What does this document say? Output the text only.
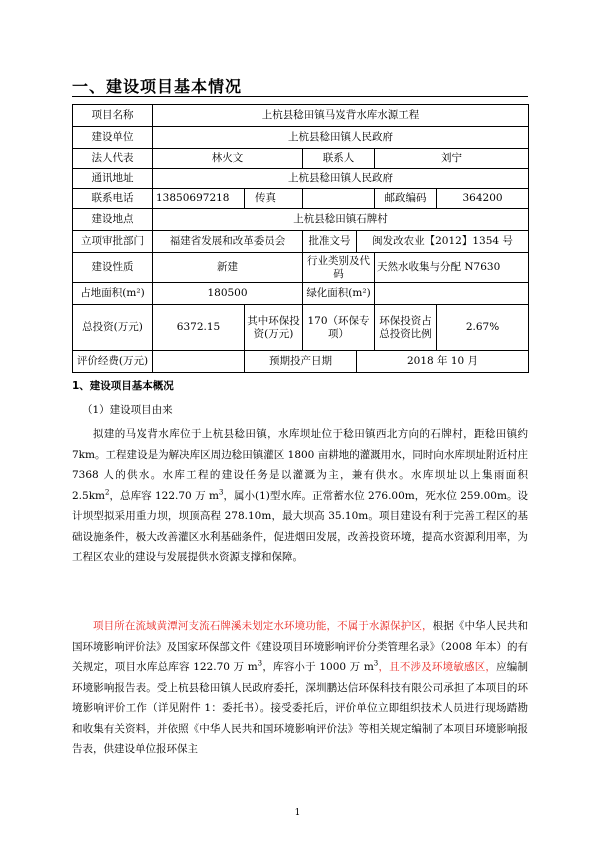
一、建设项目基本情况
项目名称	上杭县稔田镇马岌背水库水源工程					
建设单位	上杭县稔田镇人民政府					
法人代表	林火文		联系人		刘宁	
通讯地址	上杭县稔田镇人民政府					
联系电话	13850697218	传真			邮政编码	364200
建设地点	上杭县稔田镇石牌村					
立项审批部门	福建省发展和改革委员会		批准文号	闽发改农业【2012】1354 号		
建设性质	新建		行业类别及代码		天然水收集与分配 N7630	
占地面积(m²)	180500		绿化面积(m²)			
总投资(万元)	6372.15	其中环保投资(万元)	170（环保专项）		环保投资占总投资比例	2.67%
评价经费(万元)		预期投产日期		2018 年 10 月		
1、建设项目基本概况
（1）建设项目由来

拟建的马岌背水库位于上杭县稔田镇，水库坝址位于稔田镇西北方向的石牌村，距稔田镇约 7km。工程建设是为解决库区周边稔田镇灌区 1800 亩耕地的灌溉用水，同时向水库坝址附近村庄 7368 人的供水。水库工程的建设任务是以灌溉为主，兼有供水。水库坝址以上集雨面积 $2.5km^2$，总库容 122.70 万 $m^3$，属小(1)型水库。正常蓄水位 276.00m，死水位 259.00m。设计坝型拟采用重力坝，坝顶高程 278.10m，最大坝高 35.10m。项目建设有利于完善工程区的基础设施条件，极大改善灌区水利基础条件，促进烟田发展，改善投资环境，提高水资源利用率，为工程区农业的建设与发展提供水资源支撑和保障。

项目所在流域黄潭河支流石牌溪未划定水环境功能，不属于水源保护区，根据《中华人民共和国环境影响评价法》及国家环保部文件《建设项目环境影响评价分类管理名录》（2008 年本）的有关规定，项目水库总库容 122.70 万 $m^3$，库容小于 1000 万 $m^3$，且不涉及环境敏感区，应编制环境影响报告表。受上杭县稔田镇人民政府委托，深圳鹏达信环保科技有限公司承担了本项目的环境影响评价工作（详见附件 1：委托书）。接受委托后，评价单位立即组织技术人员进行现场踏勘和收集有关资料，并依照《中华人民共和国环境影响评价法》等相关规定编制了本项目环境影响报告表，供建设单位报环保主

1
